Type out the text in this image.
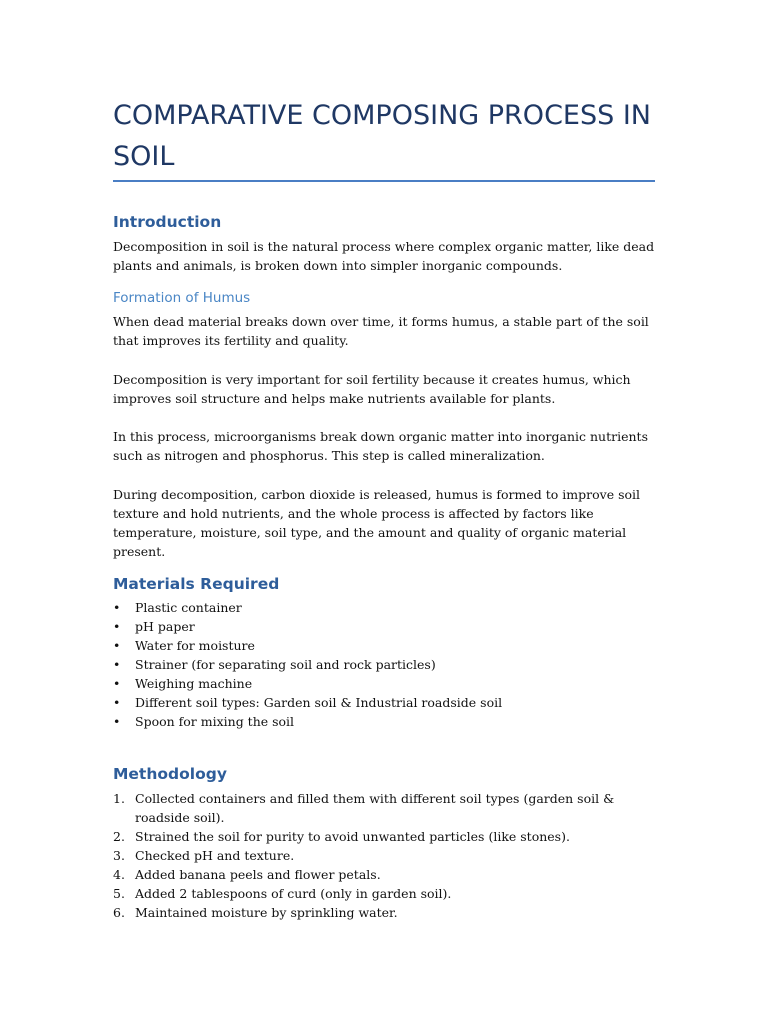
COMPARATIVE COMPOSING PROCESS IN SOIL
Introduction

Decomposition in soil is the natural process where complex organic matter, like dead plants and animals, is broken down into simpler inorganic compounds.

Formation of Humus

When dead material breaks down over time, it forms humus, a stable part of the soil that improves its fertility and quality.

Decomposition is very important for soil fertility because it creates humus, which improves soil structure and helps make nutrients available for plants.

In this process, microorganisms break down organic matter into inorganic nutrients such as nitrogen and phosphorus. This step is called mineralization.

During decomposition, carbon dioxide is released, humus is formed to improve soil texture and hold nutrients, and the whole process is affected by factors like temperature, moisture, soil type, and the amount and quality of organic material present.

Materials Required
•	Plastic container
•	pH paper
•	Water for moisture
•	Strainer (for separating soil and rock particles)
•	Weighing machine
•	Different soil types: Garden soil & Industrial roadside soil
•	Spoon for mixing the soil
Methodology
1. Collected containers and filled them with different soil types (garden soil & roadside soil).
2. Strained the soil for purity to avoid unwanted particles (like stones).
3. Checked pH and texture.
4. Added banana peels and flower petals.
5. Added 2 tablespoons of curd (only in garden soil).
6. Maintained moisture by sprinkling water.
